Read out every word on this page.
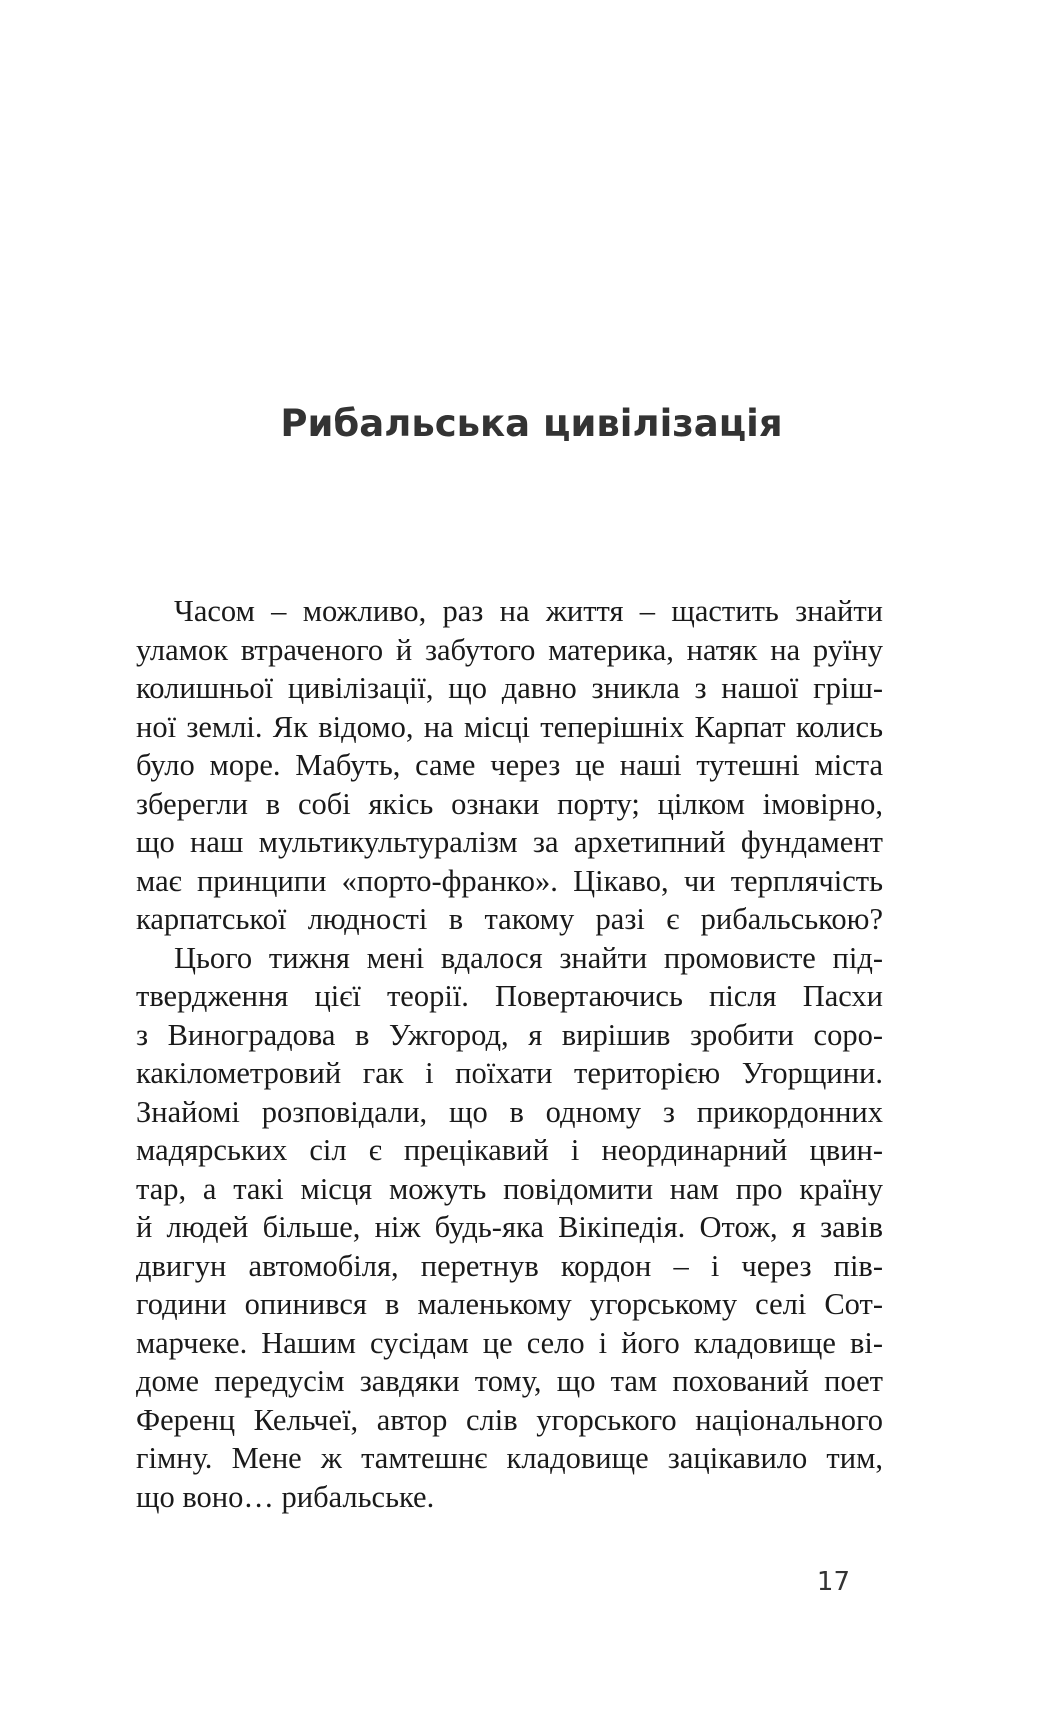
Рибальська цивілізація
Часом – можливо, раз на життя – щастить знайти
уламок втраченого й забутого материка, натяк на руїну
колишньої цивілізації, що давно зникла з нашої гріш-
ної землі. Як відомо, на місці теперішніх Карпат колись
було море. Мабуть, саме через це наші тутешні міста
зберегли в собі якісь ознаки порту; цілком імовірно,
що наш мультикультуралізм за архетипний фундамент
має принципи «порто-франко». Цікаво, чи терплячість
карпатської людності в такому разі є рибальською?
Цього тижня мені вдалося знайти промовисте під-
твердження цієї теорії. Повертаючись після Пасхи
з Виноградова в Ужгород, я вирішив зробити соро-
какілометровий гак і поїхати територією Угорщини.
Знайомі розповідали, що в одному з прикордонних
мадярських сіл є прецікавий і неординарний цвин-
тар, а такі місця можуть повідомити нам про країну
й людей більше, ніж будь-яка Вікіпедія. Отож, я завів
двигун автомобіля, перетнув кордон – і через пів-
години опинився в маленькому угорському селі Сот-
марчеке. Нашим сусідам це село і його кладовище ві-
доме передусім завдяки тому, що там похований поет
Ференц Кельчеї, автор слів угорського національного
гімну. Мене ж тамтешнє кладовище зацікавило тим,
що воно… рибальське.
17
